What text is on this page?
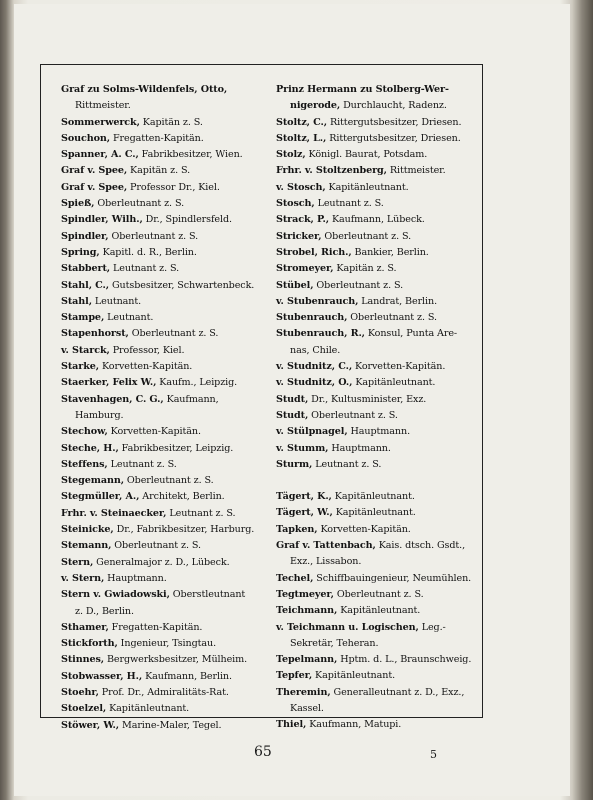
Graf zu Solms-Wildenfels, Otto,
Rittmeister.
Sommerwerck, Kapitän z. S.
Souchon, Fregatten-Kapitän.
Spanner, A. C., Fabrikbesitzer, Wien.
Graf v. Spee, Kapitän z. S.
Graf v. Spee, Professor Dr., Kiel.
Spieß, Oberleutnant z. S.
Spindler, Wilh., Dr., Spindlersfeld.
Spindler, Oberleutnant z. S.
Spring, Kapitl. d. R., Berlin.
Stabbert, Leutnant z. S.
Stahl, C., Gutsbesitzer, Schwartenbeck.
Stahl, Leutnant.
Stampe, Leutnant.
Stapenhorst, Oberleutnant z. S.
v. Starck, Professor, Kiel.
Starke, Korvetten-Kapitän.
Staerker, Felix W., Kaufm., Leipzig.
Stavenhagen, C. G., Kaufmann,
Hamburg.
Stechow, Korvetten-Kapitän.
Steche, H., Fabrikbesitzer, Leipzig.
Steffens, Leutnant z. S.
Stegemann, Oberleutnant z. S.
Stegmüller, A., Architekt, Berlin.
Frhr. v. Steinaecker, Leutnant z. S.
Steinicke, Dr., Fabrikbesitzer, Harburg.
Stemann, Oberleutnant z. S.
Stern, Generalmajor z. D., Lübeck.
v. Stern, Hauptmann.
Stern v. Gwiadowski, Oberstleutnant
z. D., Berlin.
Sthamer, Fregatten-Kapitän.
Stickforth, Ingenieur, Tsingtau.
Stinnes, Bergwerksbesitzer, Mülheim.
Stobwasser, H., Kaufmann, Berlin.
Stoehr, Prof. Dr., Admiralitäts-Rat.
Stoelzel, Kapitänleutnant.
Stöwer, W., Marine-Maler, Tegel.
Prinz Hermann zu Stolberg-Wer-
nigerode, Durchlaucht, Radenz.
Stoltz, C., Rittergutsbesitzer, Driesen.
Stoltz, L., Rittergutsbesitzer, Driesen.
Stolz, Königl. Baurat, Potsdam.
Frhr. v. Stoltzenberg, Rittmeister.
v. Stosch, Kapitänleutnant.
Stosch, Leutnant z. S.
Strack, P., Kaufmann, Lübeck.
Stricker, Oberleutnant z. S.
Strobel, Rich., Bankier, Berlin.
Stromeyer, Kapitän z. S.
Stübel, Oberleutnant z. S.
v. Stubenrauch, Landrat, Berlin.
Stubenrauch, Oberleutnant z. S.
Stubenrauch, R., Konsul, Punta Are-
nas, Chile.
v. Studnitz, C., Korvetten-Kapitän.
v. Studnitz, O., Kapitänleutnant.
Studt, Dr., Kultusminister, Exz.
Studt, Oberleutnant z. S.
v. Stülpnagel, Hauptmann.
v. Stumm, Hauptmann.
Sturm, Leutnant z. S.
Tägert, K., Kapitänleutnant.
Tägert, W., Kapitänleutnant.
Tapken, Korvetten-Kapitän.
Graf v. Tattenbach, Kais. dtsch. Gsdt.,
Exz., Lissabon.
Techel, Schiffbauingenieur, Neumühlen.
Tegtmeyer, Oberleutnant z. S.
Teichmann, Kapitänleutnant.
v. Teichmann u. Logischen, Leg.-
Sekretär, Teheran.
Tepelmann, Hptm. d. L., Braunschweig.
Tepfer, Kapitänleutnant.
Theremin, Generalleutnant z. D., Exz.,
Kassel.
Thiel, Kaufmann, Matupi.
65	5
